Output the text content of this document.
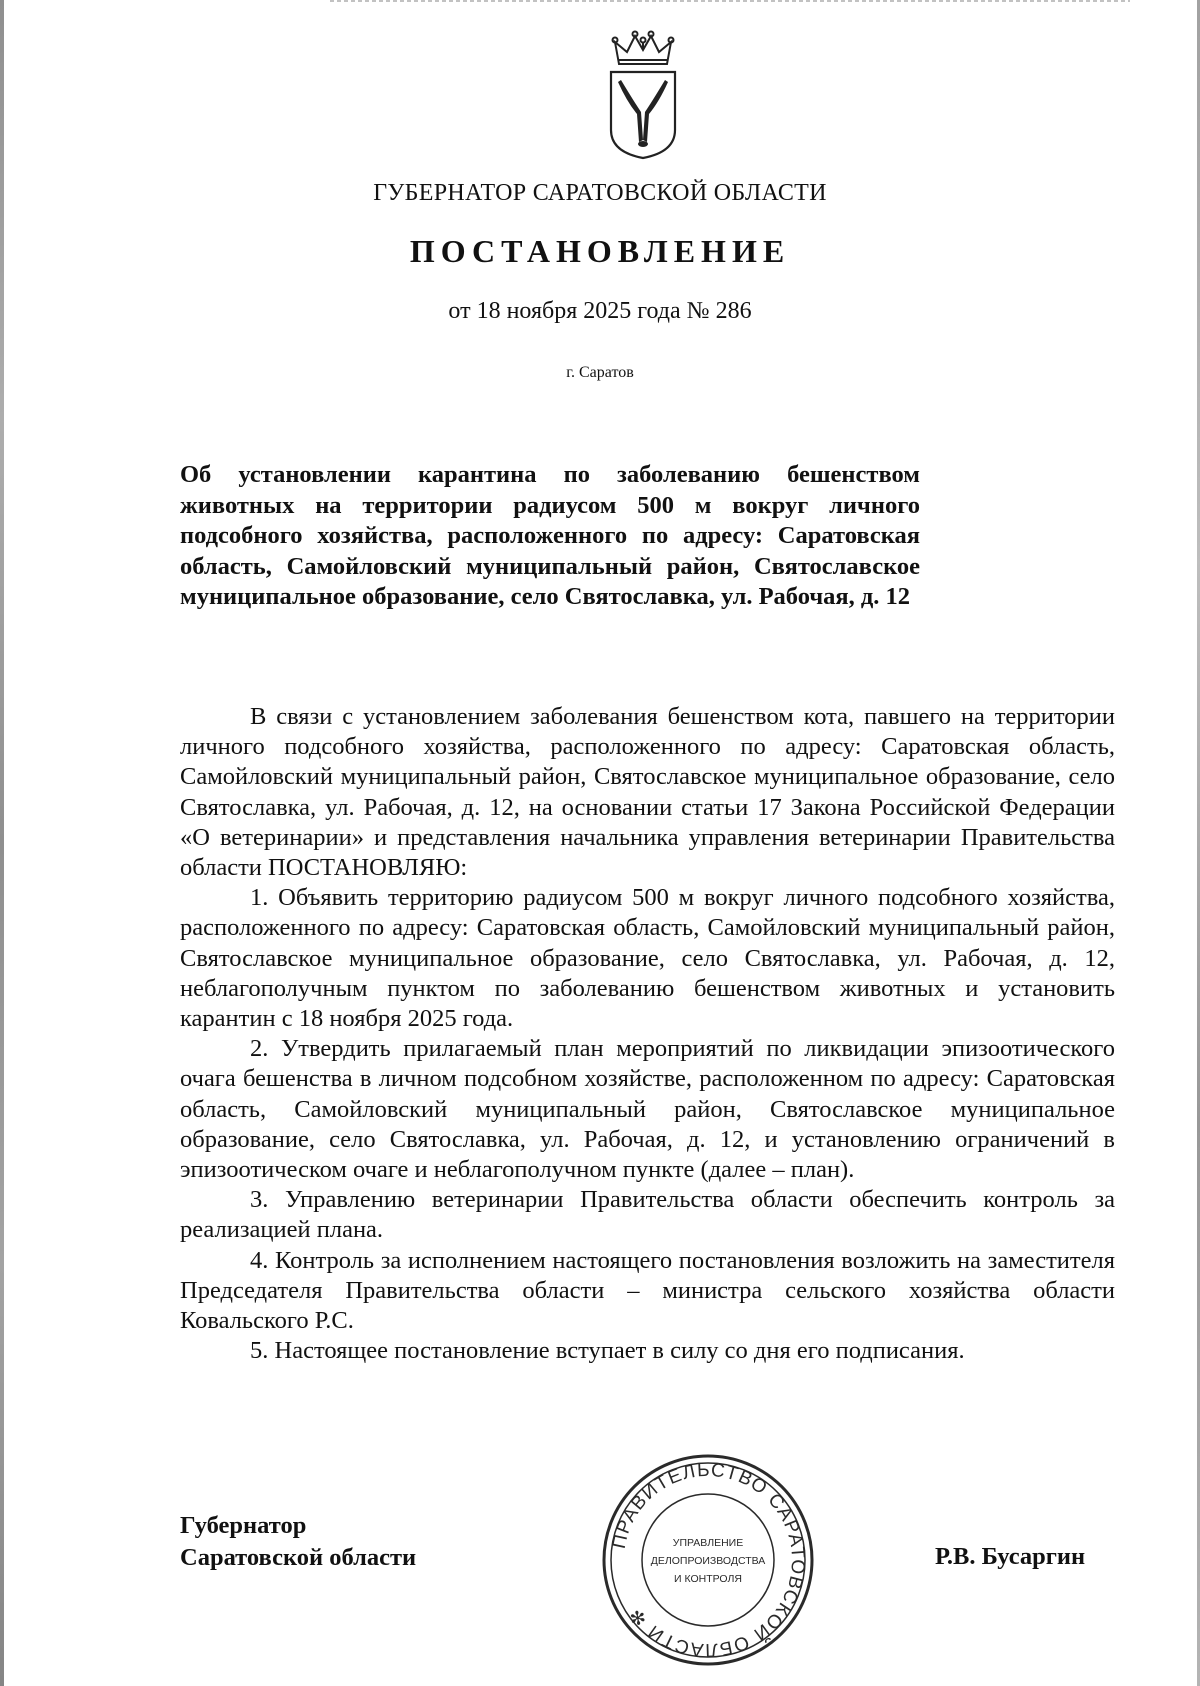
ГУБЕРНАТОР САРАТОВСКОЙ ОБЛАСТИ
ПОСТАНОВЛЕНИЕ
от 18 ноября 2025 года № 286
г. Саратов

Об установлении карантина по заболеванию бешенством животных на территории радиусом 500 м вокруг личного подсобного хозяйства, расположенного по адресу: Саратовская область, Самойловский муниципальный район, Святославское муниципальное образование, село Святославка, ул. Рабочая, д. 12

В связи с установлением заболевания бешенством кота, павшего на территории личного подсобного хозяйства, расположенного по адресу: Саратовская область, Самойловский муниципальный район, Святославское муниципальное образование, село Святославка, ул. Рабочая, д. 12, на основании статьи 17 Закона Российской Федерации «О ветеринарии» и представления начальника управления ветеринарии Правительства области ПОСТАНОВЛЯЮ:

1. Объявить территорию радиусом 500 м вокруг личного подсобного хозяйства, расположенного по адресу: Саратовская область, Самойловский муниципальный район, Святославское муниципальное образование, село Святославка, ул. Рабочая, д. 12, неблагополучным пунктом по заболеванию бешенством животных и установить карантин с 18 ноября 2025 года.

2. Утвердить прилагаемый план мероприятий по ликвидации эпизоотического очага бешенства в личном подсобном хозяйстве, расположенном по адресу: Саратовская область, Самойловский муниципальный район, Святославское муниципальное образование, село Святославка, ул. Рабочая, д. 12, и установлению ограничений в эпизоотическом очаге и неблагополучном пункте (далее – план).

3. Управлению ветеринарии Правительства области обеспечить контроль за реализацией плана.

4. Контроль за исполнением настоящего постановления возложить на заместителя Председателя Правительства области – министра сельского хозяйства области Ковальского Р.С.

5. Настоящее постановление вступает в силу со дня его подписания.

Губернатор
Саратовской области
ПРАВИТЕЛЬСТВО САРАТОВСКОЙ ОБЛАСТИ ✻
УПРАВЛЕНИЕ
ДЕЛОПРОИЗВОДСТВА
И КОНТРОЛЯ
Р.В. Бусаргин
